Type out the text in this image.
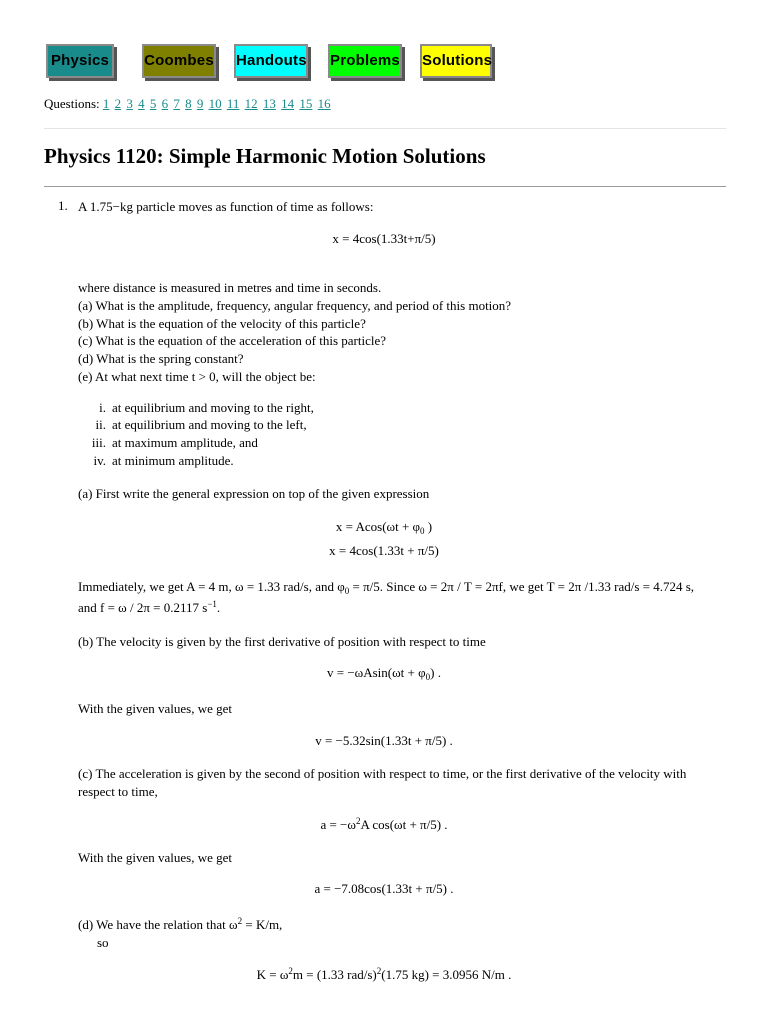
Physics	Coombes Handouts Problems Solutions
Questions: 1 2 3 4 5 6 7 8 9 10 11 12 13 14 15 16
Physics 1120: Simple Harmonic Motion Solutions
1. A 1.75−kg particle moves as function of time as follows:
x = 4cos(1.33t+π/5)
where distance is measured in metres and time in seconds.
(a) What is the amplitude, frequency, angular frequency, and period of this motion?
(b) What is the equation of the velocity of this particle?
(c) What is the equation of the acceleration of this particle?
(d) What is the spring constant?
(e) At what next time t > 0, will the object be:
i. at equilibrium and moving to the right,
ii. at equilibrium and moving to the left,
iii. at maximum amplitude, and
iv. at minimum amplitude.
(a) First write the general expression on top of the given expression
$x = Acos(\omega t + \varphi_0$ )
x = 4cos(1.33t + π/5)
Immediately, we get A = 4 m, ω = 1.33 rad/s, and $\varphi_0 = \pi/5$. Since ω = 2π / T = 2πf, we get T = 2π /1.33 rad/s = 4.724 s,
and f = ω / 2π = 0.2117 $s^{-1}$.
(b) The velocity is given by the first derivative of position with respect to time
$v = -\omega Asin(\omega t + \varphi_0)$ .
With the given values, we get
v = −5.32sin(1.33t + π/5) .
(c) The acceleration is given by the second of position with respect to time, or the first derivative of the velocity with
respect to time,
$a = -\omega^2A$ cos(ωt + π/5) .
With the given values, we get
a = −7.08cos(1.33t + π/5) .
(d) We have the relation that $\omega^2 = K/m$,
so
$K = \omega^2m = (1.33$ rad/s)$^2$(1.75 kg) = 3.0956 N/m .
